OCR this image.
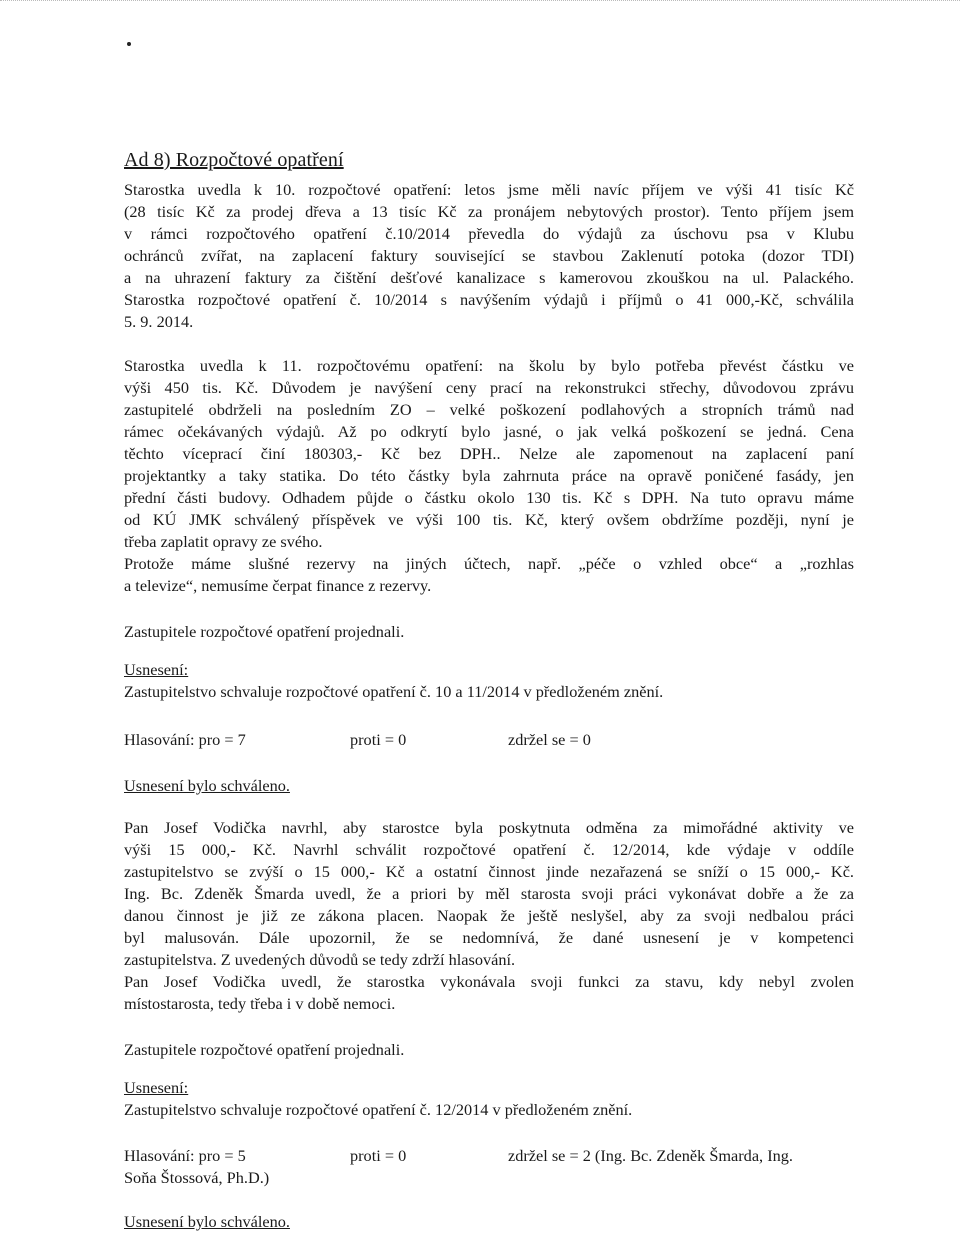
Ad 8) Rozpočtové opatření
Starostka uvedla k 10. rozpočtové opatření: letos jsme měli navíc příjem ve výši 41 tisíc Kč
(28 tisíc Kč za prodej dřeva a 13 tisíc Kč za pronájem nebytových prostor). Tento příjem jsem
v rámci rozpočtového opatření č.10/2014 převedla do výdajů za úschovu psa v Klubu
ochránců zvířat, na zaplacení faktury související se stavbou Zaklenutí potoka (dozor TDI)
a na uhrazení faktury za čištění dešťové kanalizace s kamerovou zkouškou na ul. Palackého.
Starostka rozpočtové opatření č. 10/2014 s navýšením výdajů i příjmů o 41 000,-Kč, schválila
5. 9. 2014.
Starostka uvedla k 11. rozpočtovému opatření: na školu by bylo potřeba převést částku ve
výši 450 tis. Kč. Důvodem je navýšení ceny prací na rekonstrukci střechy, důvodovou zprávu
zastupitelé obdrželi na posledním ZO – velké poškození podlahových a stropních trámů nad
rámec očekávaných výdajů. Až po odkrytí bylo jasné, o jak velká poškození se jedná. Cena
těchto víceprací činí 180303,- Kč bez DPH.. Nelze ale zapomenout na zaplacení paní
projektantky a taky statika. Do této částky byla zahrnuta práce na opravě poničené fasády, jen
přední části budovy. Odhadem půjde o částku okolo 130 tis. Kč s DPH. Na tuto opravu máme
od KÚ JMK schválený příspěvek ve výši 100 tis. Kč, který ovšem obdržíme později, nyní je
třeba zaplatit opravy ze svého.
Protože máme slušné rezervy na jiných účtech, např. „péče o vzhled obce“ a „rozhlas
a televize“, nemusíme čerpat finance z rezervy.
Zastupitele rozpočtové opatření projednali.
Usnesení:
Zastupitelstvo schvaluje rozpočtové opatření č. 10 a 11/2014 v předloženém znění.
Hlasování: pro = 7	proti = 0	zdržel se = 0
Usnesení bylo schváleno.
Pan Josef Vodička navrhl, aby starostce byla poskytnuta odměna za mimořádné aktivity ve
výši 15 000,- Kč. Navrhl schválit rozpočtové opatření č. 12/2014, kde výdaje v oddíle
zastupitelstvo se zvýší o 15 000,- Kč a ostatní činnost jinde nezařazená se sníží o 15 000,- Kč.
Ing. Bc. Zdeněk Šmarda uvedl, že a priori by měl starosta svoji práci vykonávat dobře a že za
danou činnost je již ze zákona placen. Naopak že ještě neslyšel, aby za svoji nedbalou práci
byl malusován. Dále upozornil, že se nedomnívá, že dané usnesení je v kompetenci
zastupitelstva. Z uvedených důvodů se tedy zdrží hlasování.
Pan Josef Vodička uvedl, že starostka vykonávala svoji funkci za stavu, kdy nebyl zvolen
místostarosta, tedy třeba i v době nemoci.
Zastupitele rozpočtové opatření projednali.
Usnesení:
Zastupitelstvo schvaluje rozpočtové opatření č. 12/2014 v předloženém znění.
Hlasování: pro = 5	proti = 0	zdržel se = 2 (Ing. Bc. Zdeněk Šmarda, Ing.
Soňa Štossová, Ph.D.)
Usnesení bylo schváleno.
